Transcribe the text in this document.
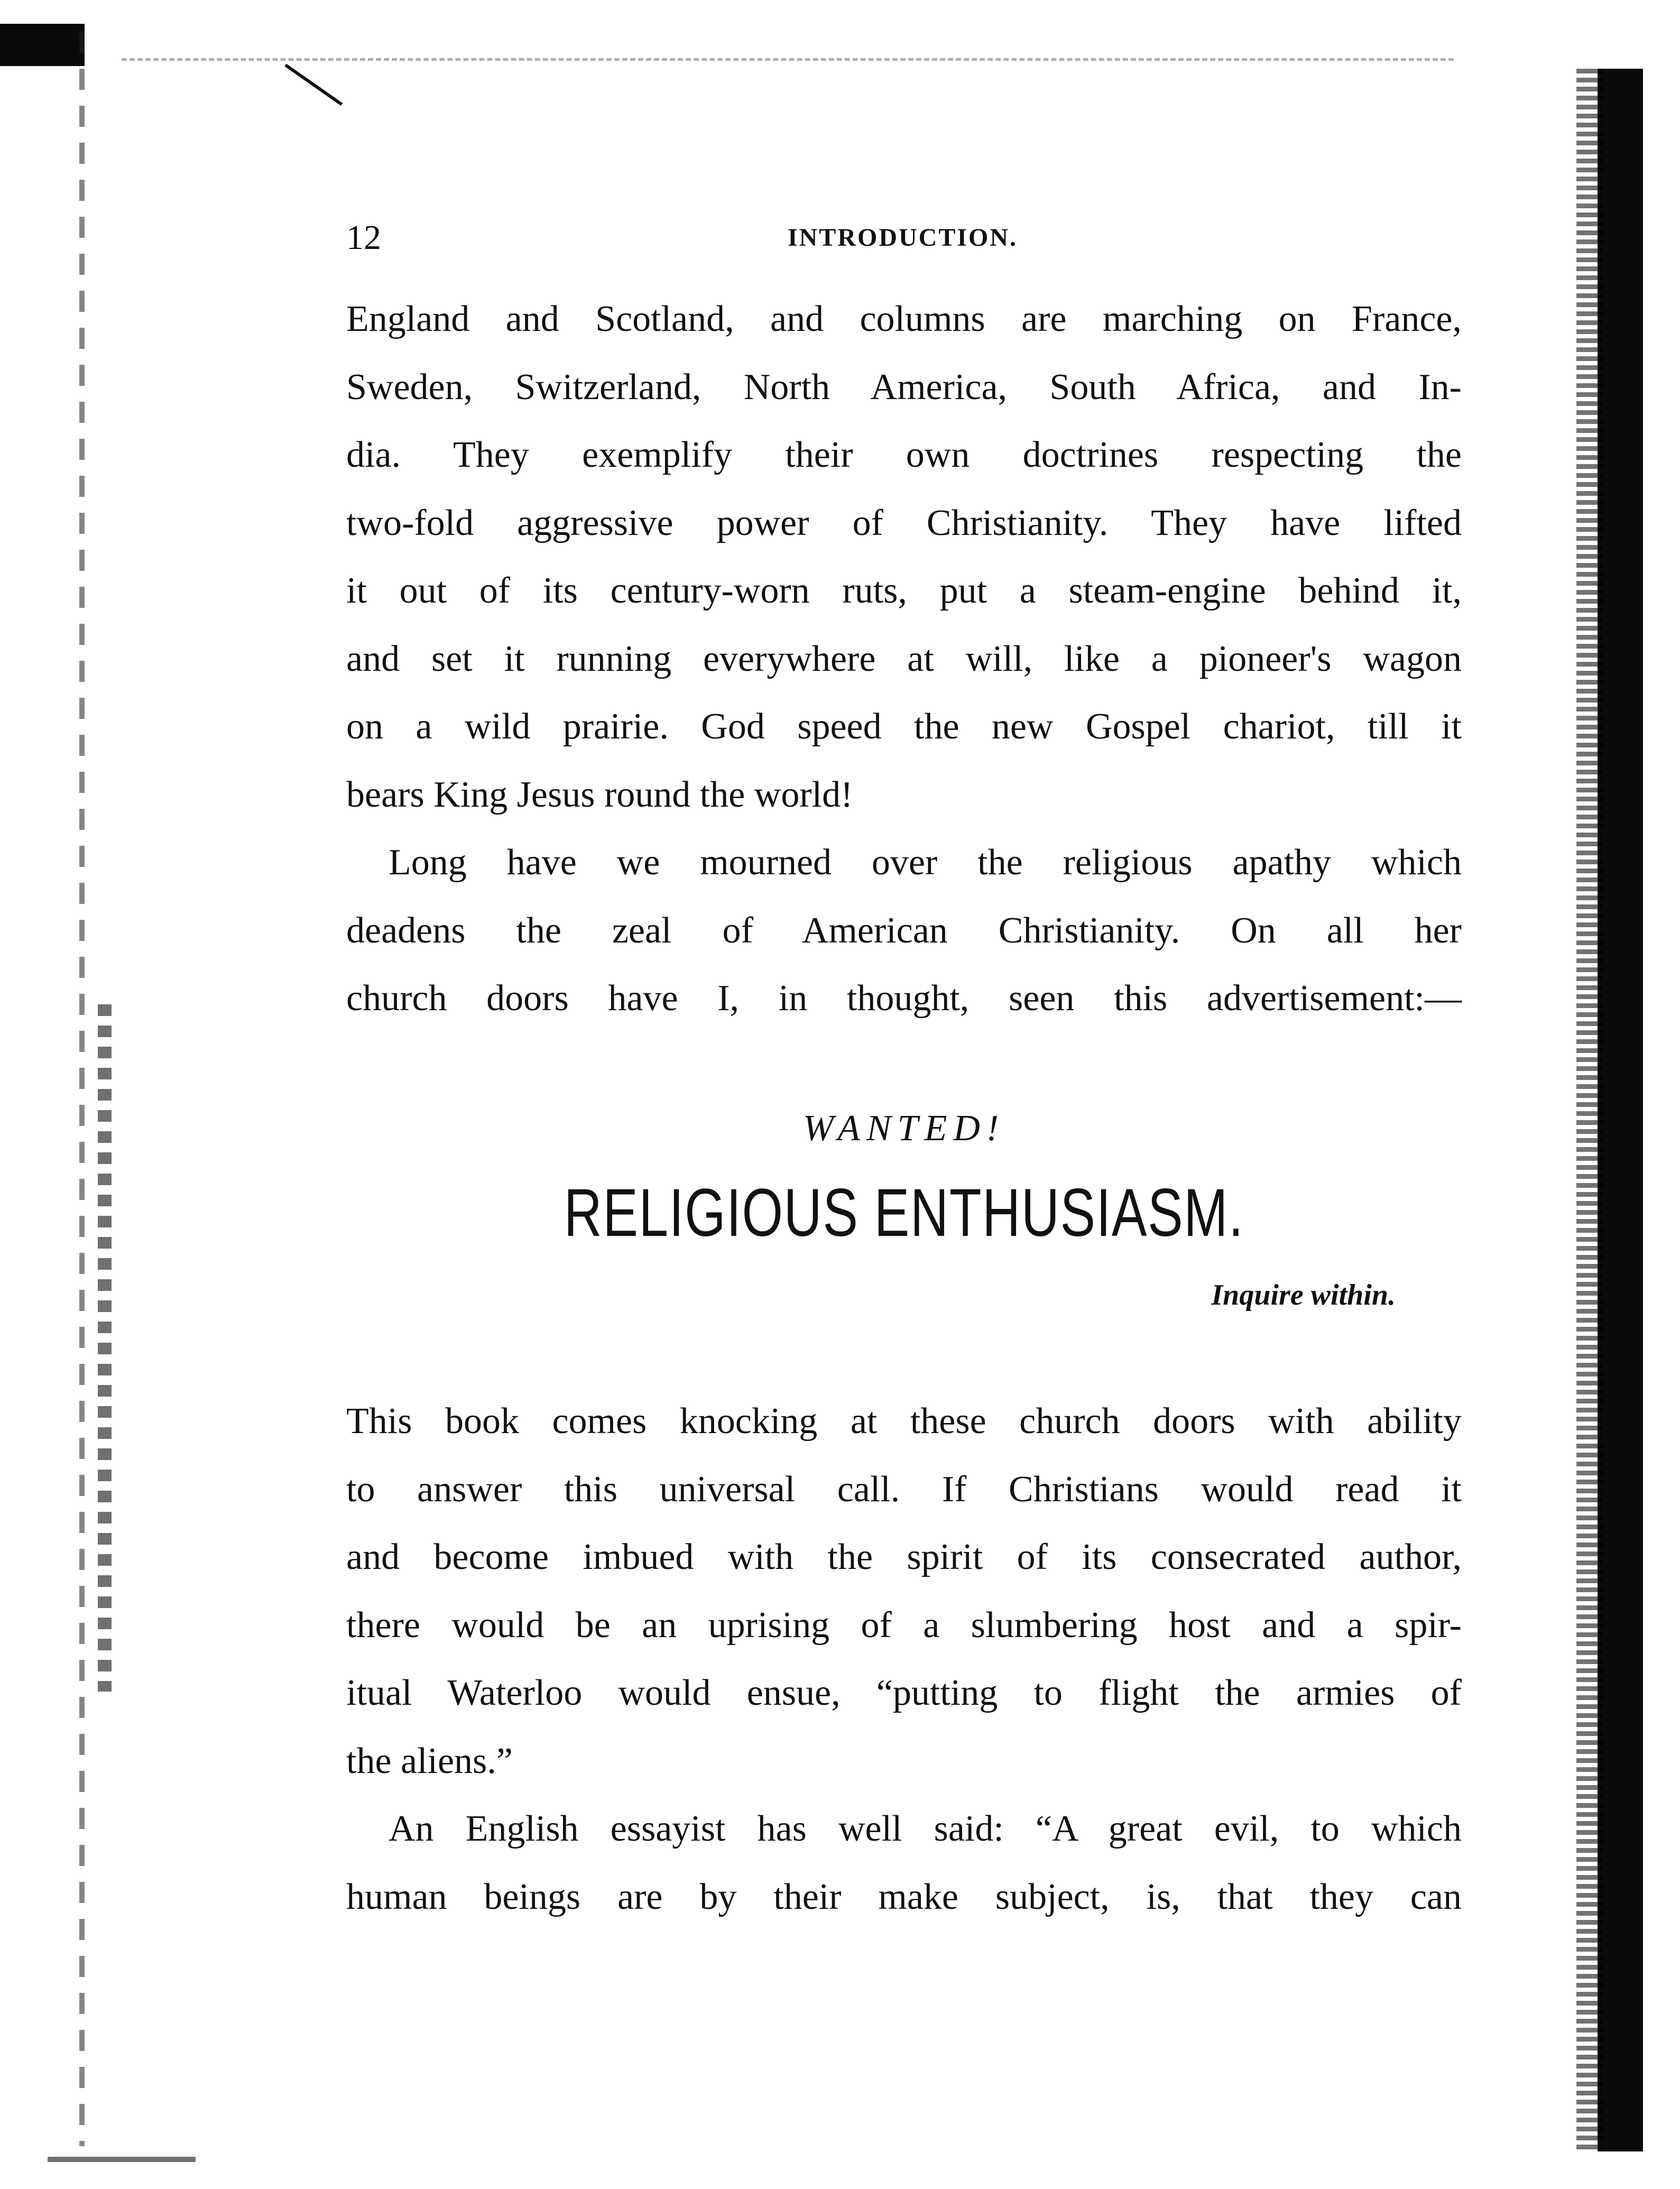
12	INTRODUCTION.
England and Scotland, and columns are marching on France,
Sweden, Switzerland, North America, South Africa, and In-
dia. They exemplify their own doctrines respecting the
two-fold aggressive power of Christianity. They have lifted
it out of its century-worn ruts, put a steam-engine behind it,
and set it running everywhere at will, like a pioneer's wagon
on a wild prairie. God speed the new Gospel chariot, till it
bears King Jesus round the world!
Long have we mourned over the religious apathy which
deadens the zeal of American Christianity. On all her
church doors have I, in thought, seen this advertisement:—
WANTED!
RELIGIOUS ENTHUSIASM.
Inquire within.
This book comes knocking at these church doors with ability
to answer this universal call. If Christians would read it
and become imbued with the spirit of its consecrated author,
there would be an uprising of a slumbering host and a spir-
itual Waterloo would ensue, “putting to flight the armies of
the aliens.”
An English essayist has well said: “A great evil, to which
human beings are by their make subject, is, that they can
